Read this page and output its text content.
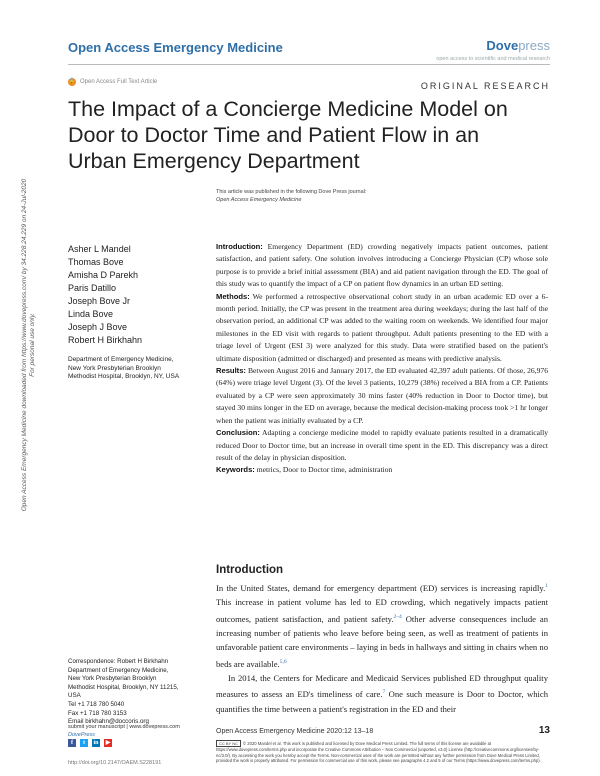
Open Access Emergency Medicine	Dovepress
open access to scientific and medical research
🔓 Open Access Full Text Article	ORIGINAL RESEARCH
The Impact of a Concierge Medicine Model on Door to Doctor Time and Patient Flow in an Urban Emergency Department
This article was published in the following Dove Press journal:
Open Access Emergency Medicine
Open Access Emergency Medicine downloaded from https://www.dovepress.com/ by 34.228.24.229 on 24-Jul-2020 For personal use only.
Asher L Mandel
Thomas Bove
Amisha D Parekh
Paris Datillo
Joseph Bove Jr
Linda Bove
Joseph J Bove
Robert H Birkhahn
Department of Emergency Medicine,
New York Presbyterian Brooklyn
Methodist Hospital, Brooklyn, NY, USA

Introduction: Emergency Department (ED) crowding negatively impacts patient outcomes, patient satisfaction, and patient safety. One solution involves introducing a Concierge Physician (CP) whose sole purpose is to provide a brief initial assessment (BIA) and aid patient navigation through the ED. The goal of this study was to quantify the impact of a CP on patient flow dynamics in an urban ED setting.

Methods: We performed a retrospective observational cohort study in an urban academic ED over a 6-month period. Initially, the CP was present in the treatment area during weekdays; during the last half of the observation period, an additional CP was added to the waiting room on weekends. We identified four major milestones in the ED visit with regards to patient throughput. Adult patients presenting to the ED with a triage level of Urgent (ESI 3) were analyzed for this study. Data were stratified based on the patient's ultimate disposition (admitted or discharged) and presented as means with predictive analysis.

Results: Between August 2016 and January 2017, the ED evaluated 42,397 adult patients. Of those, 26,976 (64%) were triage level Urgent (3). Of the level 3 patients, 10,279 (38%) received a BIA from a CP. Patients evaluated by a CP were seen approximately 30 mins faster (40% reduction in Door to Doctor time), but stayed 30 mins longer in the ED on average, because the medical decision-making process took >1 hr longer when the patient was initially evaluated by a CP.

Conclusion: Adapting a concierge medicine model to rapidly evaluate patients resulted in a dramatically reduced Door to Doctor time, but an increase in overall time spent in the ED. This discrepancy was a direct result of the delay in physician disposition.

Keywords: metrics, Door to Doctor time, administration

Introduction

In the United States, demand for emergency department (ED) services is increasing rapidly.$^1$ This increase in patient volume has led to ED crowding, which negatively impacts patient outcomes, patient satisfaction, and patient safety.$^{2-4}$ Other adverse consequences include an increasing number of patients who leave before being seen, as well as treatment of patients in unfavorable patient care environments – laying in beds in hallways and sitting in chairs when no beds are available.$^{5,6}$

In 2014, the Centers for Medicare and Medicaid Services published ED throughput quality measures to assess an ED's timeliness of care.$^7$ One such measure is Door to Doctor, which quantifies the time between a patient's registration in the ED and their

Correspondence: Robert H Birkhahn
Department of Emergency Medicine,
New York Presbyterian Brooklyn
Methodist Hospital, Brooklyn, NY 11215,
USA
Tel +1 718 780 5040
Fax +1 718 780 3153
Email birkhahn@doccoris.org
submit your manuscript | www.dovepress.com
DovePress
f	t	in ▶
http://doi.org/10.2147/OAEM.S228191
Open Access Emergency Medicine 2020:12 13–18	13
CC BY NC © 2020 Mandel et al. This work is published and licensed by Dove Medical Press Limited. The full terms of this license are available at https://www.dovepress.com/terms.php and incorporate the Creative Commons Attribution – Non Commercial (unported, v3.0) License (http://creativecommons.org/licenses/by-nc/3.0/). By accessing the work you hereby accept the Terms. Non-commercial uses of the work are permitted without any further permission from Dove Medical Press Limited, provided the work is properly attributed. For permission for commercial use of this work, please see paragraphs 4.2 and 5 of our Terms (https://www.dovepress.com/terms.php).
